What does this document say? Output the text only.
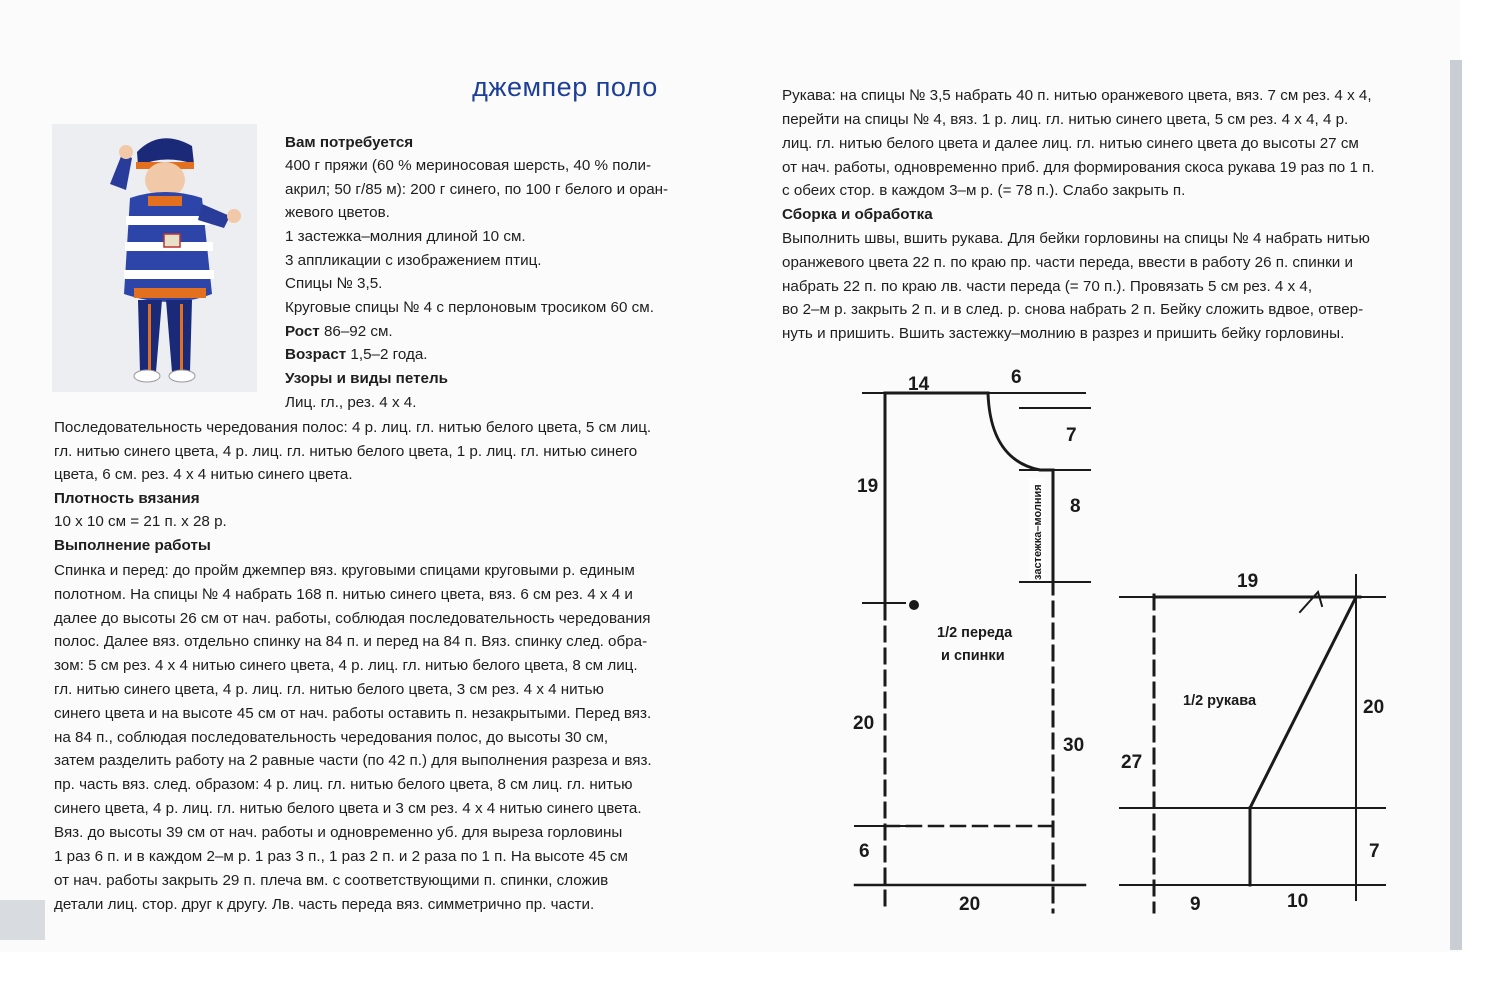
джемпер поло
Вам потребуется
400 г пряжи (60 % мериносовая шерсть, 40 % поли-
акрил; 50 г/85 м): 200 г синего, по 100 г белого и оран-
жевого цветов.
1 застежка–молния длиной 10 см.
3 аппликации с изображением птиц.
Спицы № 3,5.
Круговые спицы № 4 с перлоновым тросиком 60 см.
Рост 86–92 см.
Возраст 1,5–2 года.
Узоры и виды петель
Лиц. гл., рез. 4 х 4.
Последовательность чередования полос: 4 р. лиц. гл. нитью белого цвета, 5 см лиц.
гл. нитью синего цвета, 4 р. лиц. гл. нитью белого цвета, 1 р. лиц. гл. нитью синего
цвета, 6 см. рез. 4 х 4 нитью синего цвета.
Плотность вязания
10 х 10 см = 21 п. х 28 р.
Выполнение работы
Спинка и перед: до пройм джемпер вяз. круговыми спицами круговыми р. единым
полотном. На спицы № 4 набрать 168 п. нитью синего цвета, вяз. 6 см рез. 4 х 4 и
далее до высоты 26 см от нач. работы, соблюдая последовательность чередования
полос. Далее вяз. отдельно спинку на 84 п. и перед на 84 п. Вяз. спинку след. обра-
зом: 5 см рез. 4 х 4 нитью синего цвета, 4 р. лиц. гл. нитью белого цвета, 8 см лиц.
гл. нитью синего цвета, 4 р. лиц. гл. нитью белого цвета, 3 см рез. 4 х 4 нитью
синего цвета и на высоте 45 см от нач. работы оставить п. незакрытыми. Перед вяз.
на 84 п., соблюдая последовательность чередования полос, до высоты 30 см,
затем разделить работу на 2 равные части (по 42 п.) для выполнения разреза и вяз.
пр. часть вяз. след. образом: 4 р. лиц. гл. нитью белого цвета, 8 см лиц. гл. нитью
синего цвета, 4 р. лиц. гл. нитью белого цвета и 3 см рез. 4 х 4 нитью синего цвета.
Вяз. до высоты 39 см от нач. работы и одновременно уб. для выреза горловины
1 раз 6 п. и в каждом 2–м р. 1 раз 3 п., 1 раз 2 п. и 2 раза по 1 п. На высоте 45 см
от нач. работы закрыть 29 п. плеча вм. с соответствующими п. спинки, сложив
детали лиц. стор. друг к другу. Лв. часть переда вяз. симметрично пр. части.
Рукава: на спицы № 3,5 набрать 40 п. нитью оранжевого цвета, вяз. 7 см рез. 4 х 4,
перейти на спицы № 4, вяз. 1 р. лиц. гл. нитью синего цвета, 5 см рез. 4 х 4, 4 р.
лиц. гл. нитью белого цвета и далее лиц. гл. нитью синего цвета до высоты 27 см
от нач. работы, одновременно приб. для формирования скоса рукава 19 раз по 1 п.
с обеих стор. в каждом 3–м р. (= 78 п.). Слабо закрыть п.
Сборка и обработка
Выполнить швы, вшить рукава. Для бейки горловины на спицы № 4 набрать нитью
оранжевого цвета 22 п. по краю пр. части переда, ввести в работу 26 п. спинки и
набрать 22 п. по краю лв. части переда (= 70 п.). Провязать 5 см рез. 4 х 4,
во 2–м р. закрыть 2 п. и в след. р. снова набрать 2 п. Бейку сложить вдвое, отвер-
нуть и пришить. Вшить застежку–молнию в разрез и пришить бейку горловины.
14	6
7
8
19
20
30
6
20
1/2 переда
и спинки
застежка–молния
19
20
27
7
9	10
1/2 рукава
